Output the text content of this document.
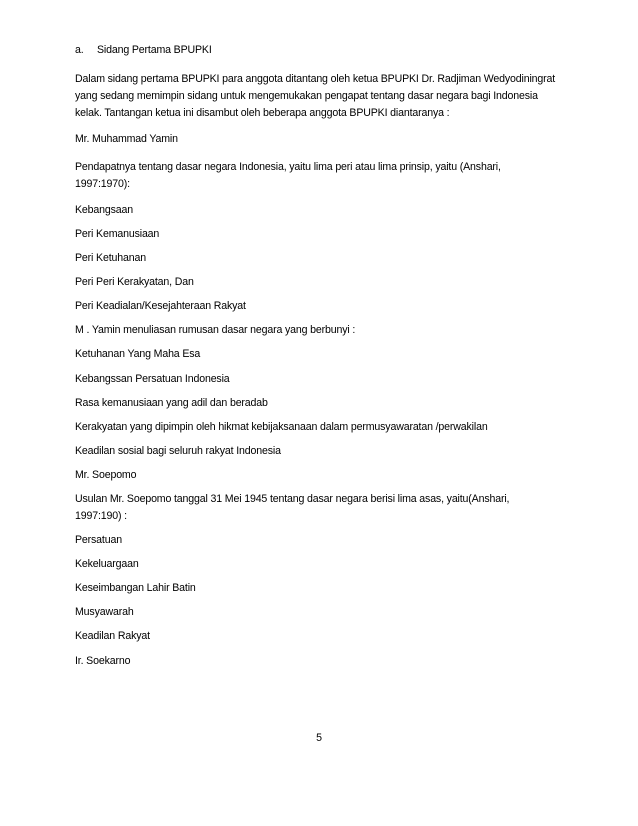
a. Sidang Pertama BPUPKI
Dalam sidang pertama BPUPKI para anggota ditantang oleh ketua BPUPKI Dr. Radjiman Wedyodiningrat
yang sedang memimpin sidang untuk mengemukakan pengapat tentang dasar negara bagi Indonesia
kelak. Tantangan ketua ini disambut oleh beberapa anggota BPUPKI diantaranya :
Mr. Muhammad Yamin
Pendapatnya tentang dasar negara Indonesia, yaitu lima peri atau lima prinsip, yaitu (Anshari,
1997:1970):
Kebangsaan
Peri Kemanusiaan
Peri Ketuhanan
Peri Peri Kerakyatan, Dan
Peri Keadialan/Kesejahteraan Rakyat
M . Yamin menuliasan rumusan dasar negara yang berbunyi :
Ketuhanan Yang Maha Esa
Kebangssan Persatuan Indonesia
Rasa kemanusiaan yang adil dan beradab
Kerakyatan yang dipimpin oleh hikmat kebijaksanaan dalam permusyawaratan /perwakilan
Keadilan sosial bagi seluruh rakyat Indonesia
Mr. Soepomo
Usulan Mr. Soepomo tanggal 31 Mei 1945 tentang dasar negara berisi lima asas, yaitu(Anshari,
1997:190) :
Persatuan
Kekeluargaan
Keseimbangan Lahir Batin
Musyawarah
Keadilan Rakyat
Ir. Soekarno
5
